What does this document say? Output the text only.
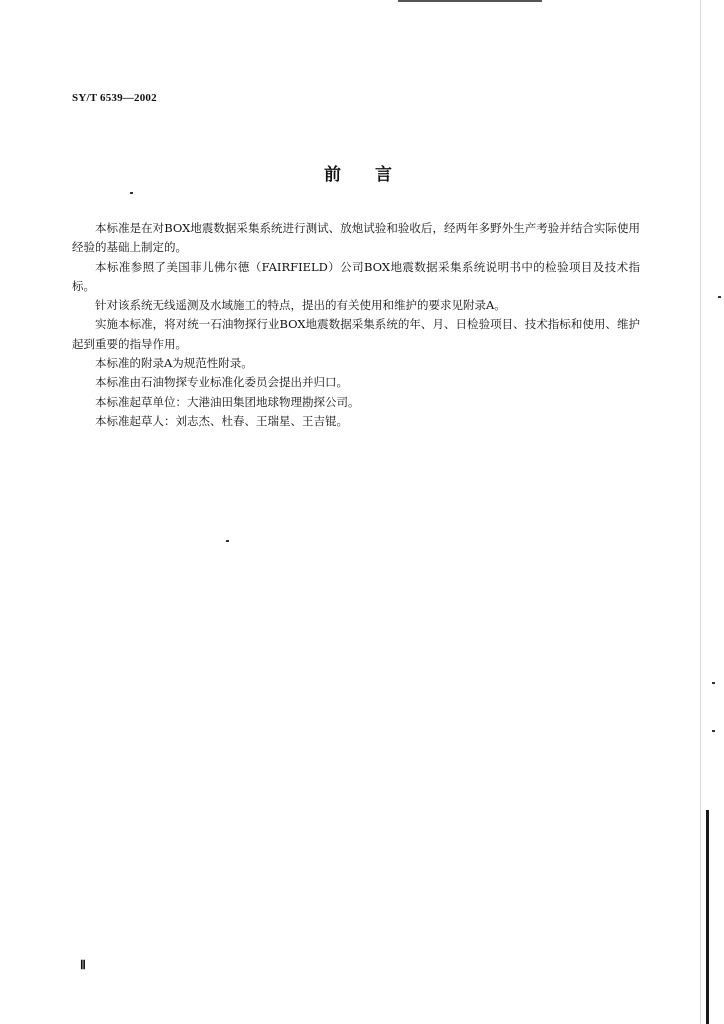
SY/T 6539—2002
前言

本标准是在对BOX地震数据采集系统进行测试、放炮试验和验收后，经两年多野外生产考验并结合实际使用经验的基础上制定的。

本标准参照了美国菲儿佛尔德（FAIRFIELD）公司BOX地震数据采集系统说明书中的检验项目及技术指标。

针对该系统无线遥测及水域施工的特点，提出的有关使用和维护的要求见附录A。

实施本标准，将对统一石油物探行业BOX地震数据采集系统的年、月、日检验项目、技术指标和使用、维护起到重要的指导作用。

本标准的附录A为规范性附录。

本标准由石油物探专业标准化委员会提出并归口。

本标准起草单位：大港油田集团地球物理勘探公司。

本标准起草人：刘志杰、杜春、王瑞星、王吉锟。

Ⅱ
